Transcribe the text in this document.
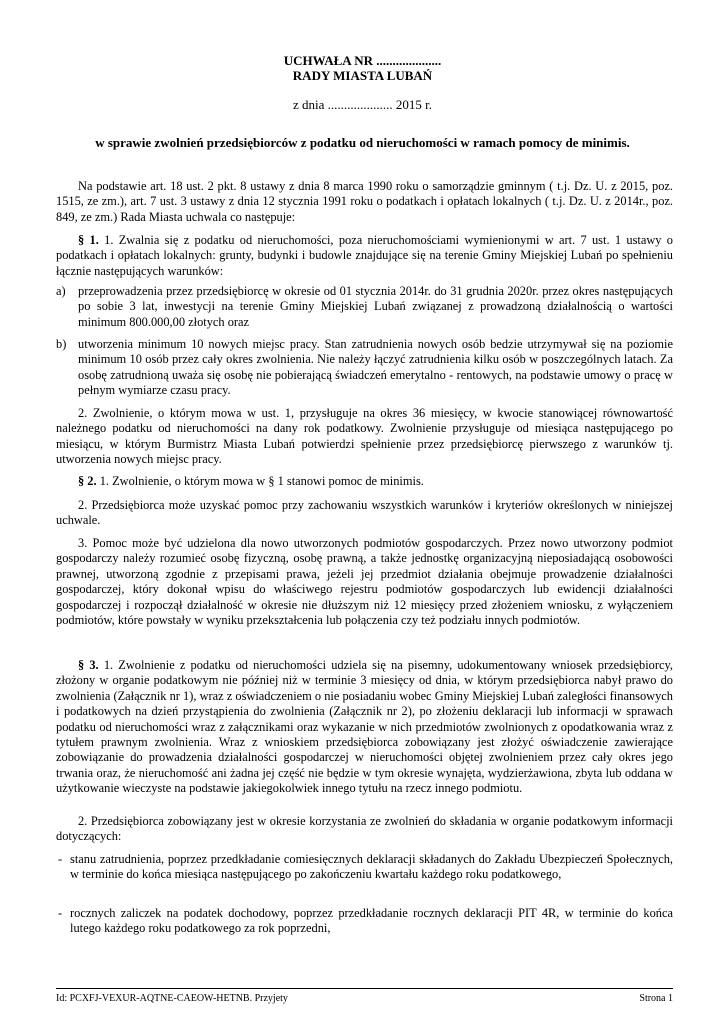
UCHWAŁA NR ....................
RADY MIASTA LUBAŃ
z dnia .................... 2015 r.
w sprawie zwolnień przedsiębiorców z podatku od nieruchomości w ramach pomocy de minimis.

Na podstawie art. 18 ust. 2 pkt. 8 ustawy z dnia 8 marca 1990 roku o samorządzie gminnym ( t.j. Dz. U. z 2015, poz. 1515, ze zm.), art. 7 ust. 3 ustawy z dnia 12 stycznia 1991 roku o podatkach i opłatach lokalnych ( t.j. Dz. U. z 2014r., poz. 849, ze zm.) Rada Miasta uchwala co następuje:

§ 1. 1. Zwalnia się z podatku od nieruchomości, poza nieruchomościami wymienionymi w art. 7 ust. 1 ustawy o podatkach i opłatach lokalnych: grunty, budynki i budowle znajdujące się na terenie Gminy Miejskiej Lubań po spełnieniu łącznie następujących warunków:

a) przeprowadzenia przez przedsiębiorcę w okresie od 01 stycznia 2014r. do 31 grudnia 2020r. przez okres następujących po sobie 3 lat, inwestycji na terenie Gminy Miejskiej Lubań związanej z prowadzoną działalnością o wartości minimum 800.000,00 złotych oraz
b) utworzenia minimum 10 nowych miejsc pracy. Stan zatrudnienia nowych osób bedzie utrzymywał się na poziomie minimum 10 osób przez cały okres zwolnienia. Nie należy łączyć zatrudnienia kilku osób w poszczególnych latach. Za osobę zatrudnioną uważa się osobę nie pobierającą świadczeń emerytalno - rentowych, na podstawie umowy o pracę w pełnym wymiarze czasu pracy.

2. Zwolnienie, o którym mowa w ust. 1, przysługuje na okres 36 miesięcy, w kwocie stanowiącej równowartość należnego podatku od nieruchomości na dany rok podatkowy. Zwolnienie przysługuje od miesiąca następującego po miesiącu, w którym Burmistrz Miasta Lubań potwierdzi spełnienie przez przedsiębiorcę pierwszego z warunków tj. utworzenia nowych miejsc pracy.

§ 2. 1. Zwolnienie, o którym mowa w § 1 stanowi pomoc de minimis.

2. Przedsiębiorca może uzyskać pomoc przy zachowaniu wszystkich warunków i kryteriów określonych w niniejszej uchwale.

3. Pomoc może być udzielona dla nowo utworzonych podmiotów gospodarczych. Przez nowo utworzony podmiot gospodarczy należy rozumieć osobę fizyczną, osobę prawną, a także jednostkę organizacyjną nieposiadającą osobowości prawnej, utworzoną zgodnie z przepisami prawa, jeżeli jej przedmiot działania obejmuje prowadzenie działalności gospodarczej, który dokonał wpisu do właściwego rejestru podmiotów gospodarczych lub ewidencji działalności gospodarczej i rozpoczął działalność w okresie nie dłuższym niż 12 miesięcy przed złożeniem wniosku, z wyłączeniem podmiotów, które powstały w wyniku przekształcenia lub połączenia czy też podziału innych podmiotów.

§ 3. 1. Zwolnienie z podatku od nieruchomości udziela się na pisemny, udokumentowany wniosek przedsiębiorcy, złożony w organie podatkowym nie później niż w terminie 3 miesięcy od dnia, w którym przedsiębiorca nabył prawo do zwolnienia (Załącznik nr 1), wraz z oświadczeniem o nie posiadaniu wobec Gminy Miejskiej Lubań zaległości finansowych i podatkowych na dzień przystąpienia do zwolnienia (Załącznik nr 2), po złożeniu deklaracji lub informacji w sprawach podatku od nieruchomości wraz z załącznikami oraz wykazanie w nich przedmiotów zwolnionych z opodatkowania wraz z tytułem prawnym zwolnienia. Wraz z wnioskiem przedsiębiorca zobowiązany jest złożyć oświadczenie zawierające zobowiązanie do prowadzenia działalności gospodarczej w nieruchomości objętej zwolnieniem przez cały okres jego trwania oraz, że nieruchomość ani żadna jej część nie będzie w tym okresie wynajęta, wydzierżawiona, zbyta lub oddana w użytkowanie wieczyste na podstawie jakiegokolwiek innego tytułu na rzecz innego podmiotu.

2. Przedsiębiorca zobowiązany jest w okresie korzystania ze zwolnień do składania w organie podatkowym informacji dotyczących:

- stanu zatrudnienia, poprzez przedkładanie comiesięcznych deklaracji składanych do Zakładu Ubezpieczeń Społecznych, w terminie do końca miesiąca następującego po zakończeniu kwartału każdego roku podatkowego,
- rocznych zaliczek na podatek dochodowy, poprzez przedkładanie rocznych deklaracji PIT 4R, w terminie do końca lutego każdego roku podatkowego za rok poprzedni,
Id: PCXFJ-VEXUR-AQTNE-CAEOW-HETNB. Przyjety	Strona 1
